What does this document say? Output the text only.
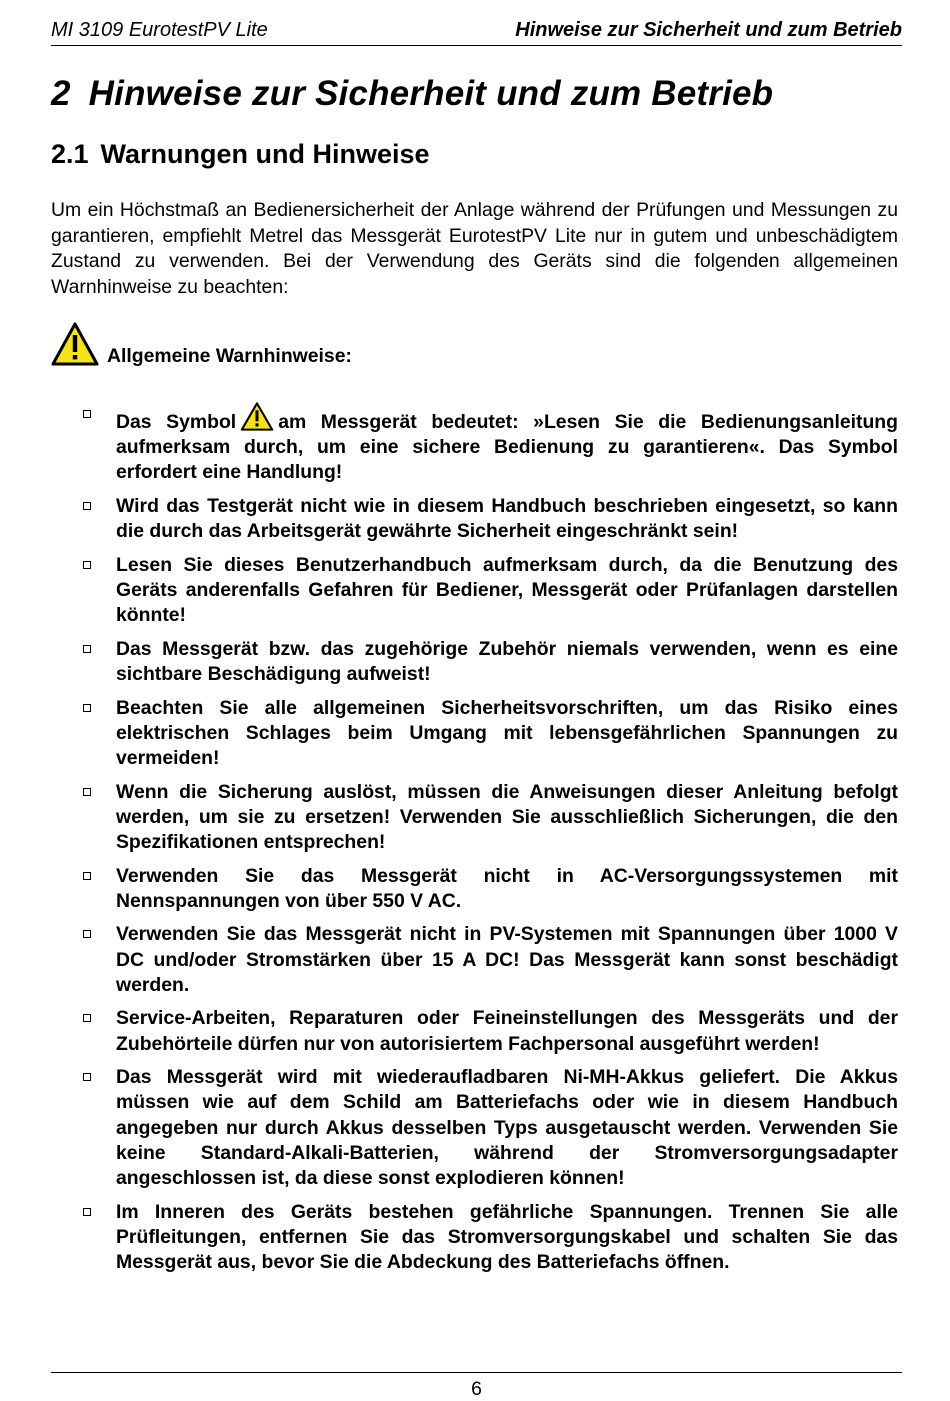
MI 3109 EurotestPV Lite	Hinweise zur Sicherheit und zum Betrieb
2 Hinweise zur Sicherheit und zum Betrieb
2.1 Warnungen und Hinweise

Um ein Höchstmaß an Bedienersicherheit der Anlage während der Prüfungen und Messungen zu garantieren, empfiehlt Metrel das Messgerät EurotestPV Lite nur in gutem und unbeschädigtem Zustand zu verwenden. Bei der Verwendung des Geräts sind die folgenden allgemeinen Warnhinweise zu beachten:

Allgemeine Warnhinweise:
Das Symbol am Messgerät bedeutet: »Lesen Sie die Bedienungsanleitung aufmerksam durch, um eine sichere Bedienung zu garantieren«. Das Symbol erfordert eine Handlung!
Wird das Testgerät nicht wie in diesem Handbuch beschrieben eingesetzt, so kann die durch das Arbeitsgerät gewährte Sicherheit eingeschränkt sein!
Lesen Sie dieses Benutzerhandbuch aufmerksam durch, da die Benutzung des Geräts anderenfalls Gefahren für Bediener, Messgerät oder Prüfanlagen darstellen könnte!
Das Messgerät bzw. das zugehörige Zubehör niemals verwenden, wenn es eine sichtbare Beschädigung aufweist!
Beachten Sie alle allgemeinen Sicherheitsvorschriften, um das Risiko eines elektrischen Schlages beim Umgang mit lebensgefährlichen Spannungen zu vermeiden!
Wenn die Sicherung auslöst, müssen die Anweisungen dieser Anleitung befolgt werden, um sie zu ersetzen! Verwenden Sie ausschließlich Sicherungen, die den Spezifikationen entsprechen!
Verwenden Sie das Messgerät nicht in AC-Versorgungssystemen mit Nennspannungen von über 550 V AC.
Verwenden Sie das Messgerät nicht in PV-Systemen mit Spannungen über 1000 V DC und/oder Stromstärken über 15 A DC! Das Messgerät kann sonst beschädigt werden.
Service-Arbeiten, Reparaturen oder Feineinstellungen des Messgeräts und der Zubehörteile dürfen nur von autorisiertem Fachpersonal ausgeführt werden!
Das Messgerät wird mit wiederaufladbaren Ni-MH-Akkus geliefert. Die Akkus müssen wie auf dem Schild am Batteriefachs oder wie in diesem Handbuch angegeben nur durch Akkus desselben Typs ausgetauscht werden. Verwenden Sie keine Standard-Alkali-Batterien, während der Stromversorgungsadapter angeschlossen ist, da diese sonst explodieren können!
Im Inneren des Geräts bestehen gefährliche Spannungen. Trennen Sie alle Prüfleitungen, entfernen Sie das Stromversorgungskabel und schalten Sie das Messgerät aus, bevor Sie die Abdeckung des Batteriefachs öffnen.
6
